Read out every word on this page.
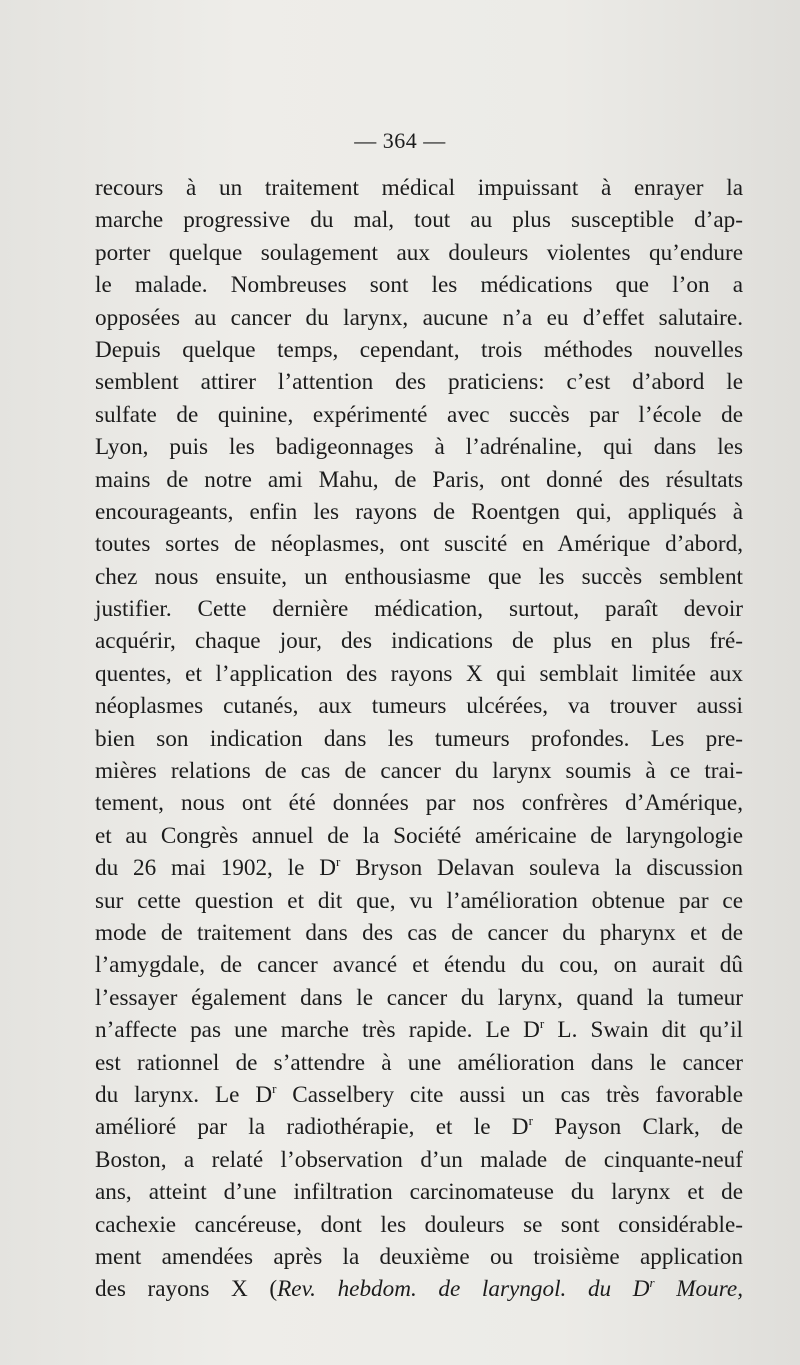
— 364 —
recours à un traitement médical impuissant à enrayer la
marche progressive du mal, tout au plus susceptible d’ap-
porter quelque soulagement aux douleurs violentes qu’endure
le malade. Nombreuses sont les médications que l’on a
opposées au cancer du larynx, aucune n’a eu d’effet salutaire.
Depuis quelque temps, cependant, trois méthodes nouvelles
semblent attirer l’attention des praticiens: c’est d’abord le
sulfate de quinine, expérimenté avec succès par l’école de
Lyon, puis les badigeonnages à l’adrénaline, qui dans les
mains de notre ami Mahu, de Paris, ont donné des résultats
encourageants, enfin les rayons de Roentgen qui, appliqués à
toutes sortes de néoplasmes, ont suscité en Amérique d’abord,
chez nous ensuite, un enthousiasme que les succès semblent
justifier. Cette dernière médication, surtout, paraît devoir
acquérir, chaque jour, des indications de plus en plus fré-
quentes, et l’application des rayons X qui semblait limitée aux
néoplasmes cutanés, aux tumeurs ulcérées, va trouver aussi
bien son indication dans les tumeurs profondes. Les pre-
mières relations de cas de cancer du larynx soumis à ce trai-
tement, nous ont été données par nos confrères d’Amérique,
et au Congrès annuel de la Société américaine de laryngologie
du 26 mai 1902, le $D^r$ Bryson Delavan souleva la discussion
sur cette question et dit que, vu l’amélioration obtenue par ce
mode de traitement dans des cas de cancer du pharynx et de
l’amygdale, de cancer avancé et étendu du cou, on aurait dû
l’essayer également dans le cancer du larynx, quand la tumeur
n’affecte pas une marche très rapide. Le $D^r$ L. Swain dit qu’il
est rationnel de s’attendre à une amélioration dans le cancer
du larynx. Le $D^r$ Casselbery cite aussi un cas très favorable
amélioré par la radiothérapie, et le $D^r$ Payson Clark, de
Boston, a relaté l’observation d’un malade de cinquante-neuf
ans, atteint d’une infiltration carcinomateuse du larynx et de
cachexie cancéreuse, dont les douleurs se sont considérable-
ment amendées après la deuxième ou troisième application
des rayons X (Rev. hebdom. de laryngol. du $D^r$ Moure,
